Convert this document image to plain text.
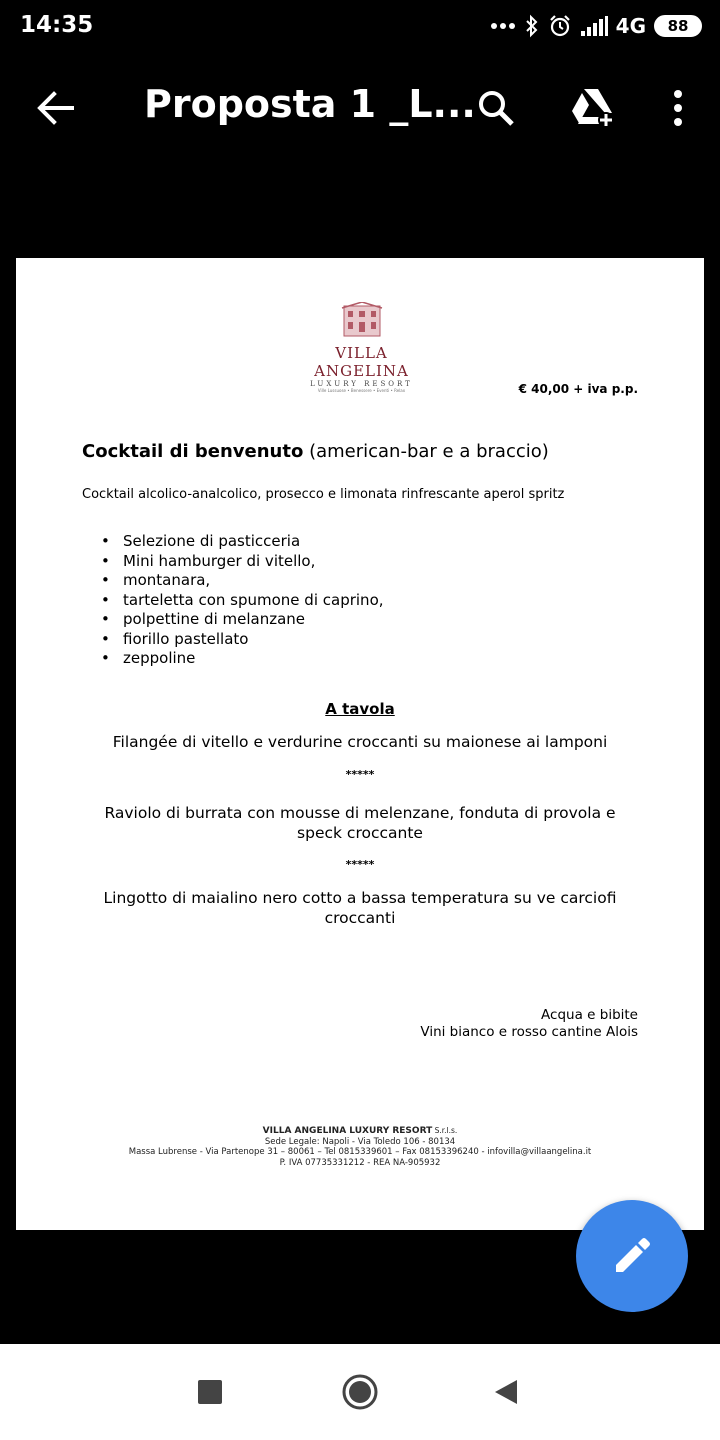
14:35	4G 88
Proposta 1 _L...
VILLA ANGELINA
LUXURY RESORT
Ville Lussuose • Benessere • Eventi • Relax	€ 40,00 + iva p.p.
Cocktail di benvenuto (american-bar e a braccio)
Cocktail alcolico-analcolico, prosecco e limonata rinfrescante aperol spritz
• Selezione di pasticceria
• Mini hamburger di vitello,
• montanara,
• tarteletta con spumone di caprino,
• polpettine di melanzane
• fiorillo pastellato
• zeppoline
A tavola
Filangée di vitello e verdurine croccanti su maionese ai lamponi
*****
Raviolo di burrata con mousse di melenzane, fonduta di provola e
speck croccante
*****
Lingotto di maialino nero cotto a bassa temperatura su ve carciofi
croccanti
Acqua e bibite
Vini bianco e rosso cantine Alois
VILLA ANGELINA LUXURY RESORT S.r.l.s.
Sede Legale: Napoli - Via Toledo 106 - 80134
Massa Lubrense - Via Partenope 31 – 80061 – Tel 0815339601 – Fax 08153396240 - infovilla@villaangelina.it
P. IVA 07735331212 - REA NA-905932
